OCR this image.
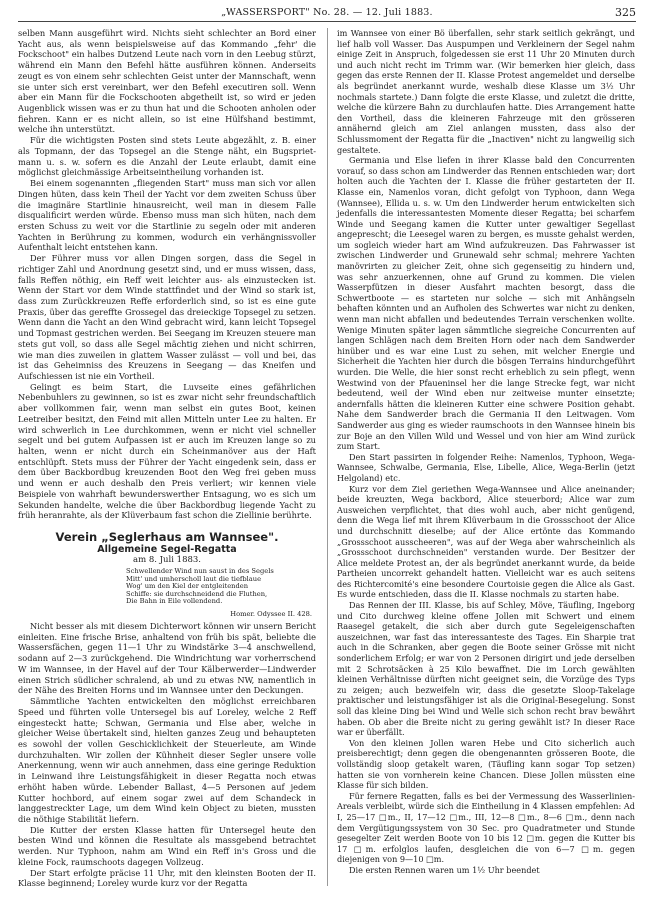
„WASSERSPORT" No. 28. — 12. Juli 1883.	325

selben Mann ausgeführt wird. Nichts sieht schlechter an Bord einer Yacht aus, als wenn beispielsweise auf das Kommando „fehr' die Fockschoot" ein halbes Dutzend Leute nach vorn in den Leebug stürzt, während ein Mann den Befehl hätte ausführen können. Anderseits zeugt es von einem sehr schlechten Geist unter der Mannschaft, wenn sie unter sich erst vereinbart, wer den Befehl executiren soll. Wenn aber ein Mann für die Fockschooten abgetheilt ist, so wird er jeden Augenblick wissen was er zu thun hat und die Schooten anholen oder fiehren. Kann er es nicht allein, so ist eine Hülfshand bestimmt, welche ihn unterstützt.

Für die wichtigsten Posten sind stets Leute abgezählt, z. B. einer als Topmann, der das Topsegel an die Stenge näht, ein Bugspriet-mann u. s. w. sofern es die Anzahl der Leute erlaubt, damit eine möglichst gleichmässige Arbeitseintheilung vorhanden ist.

Bei einem sogenannten „fliegenden Start" muss man sich vor allen Dingen hüten, dass kein Theil der Yacht vor dem zweiten Schuss über die imaginäre Startlinie hinausreicht, weil man in diesem Falle disqualificirt werden würde. Ebenso muss man sich hüten, nach dem ersten Schuss zu weit vor die Startlinie zu segeln oder mit anderen Yachten in Berührung zu kommen, wodurch ein verhängnissvoller Aufenthalt leicht entstehen kann.

Der Führer muss vor allen Dingen sorgen, dass die Segel in richtiger Zahl und Anordnung gesetzt sind, und er muss wissen, dass, falls Reffen nöthig, ein Reff weit leichter aus- als einzustecken ist. Wenn der Start vor dem Winde stattfindet und der Wind so stark ist, dass zum Zurückkreuzen Reffe erforderlich sind, so ist es eine gute Praxis, über das gereffte Grossegel das dreieckige Topsegel zu setzen. Wenn dann die Yacht an den Wind gebracht wird, kann leicht Topsegel und Topmast gestrichen werden. Bei Seegang im Kreuzen steuere man stets gut voll, so dass alle Segel mächtig ziehen und nicht schirren, wie man dies zuweilen in glattem Wasser zulässt — voll und bei, das ist das Geheimniss des Kreuzens in Seegang — das Kneifen und Aufschiessen ist nie ein Vortheil.

Gelingt es beim Start, die Luvseite eines gefährlichen Nebenbuhlers zu gewinnen, so ist es zwar nicht sehr freundschaftlich aber vollkommen fair, wenn man selbst ein gutes Boot, keinen Leetreiber besitzt, den Feind mit allen Mitteln unter Lee zu halten. Er wird schwerlich in Lee durchkommen, wenn er nicht viel schneller segelt und bei gutem Aufpassen ist er auch im Kreuzen lange so zu halten, wenn er nicht durch ein Scheinmanöver aus der Haft entschlüpft. Stets muss der Führer der Yacht eingedenk sein, dass er dem über Backbordbug kreuzenden Boot den Weg frei geben muss und wenn er auch deshalb den Preis verliert; wir kennen viele Beispiele von wahrhaft bewunderswerther Entsagung, wo es sich um Sekunden handelte, welche die über Backbordbug liegende Yacht zu früh heranrahte, als der Klüverbaum fast schon die Ziellinie berührte.

Verein „Seglerhaus am Wannsee".
Allgemeine Segel-Regatta
am 8. Juli 1883.
Schwellender Wind nun saust in des Segels
Mitt' und umherscholl laut die tiefblaue
Wog' um den Kiel der entgleitenden
Schiffe: sie durchschneidend die Fluthen,
Die Bahn in Eile vollendend.
Homer. Odyssee II. 428.

Nicht besser als mit diesem Dichterwort können wir unsern Bericht einleiten. Eine frische Brise, anhaltend von früh bis spät, beliebte die Wassersfächen, gegen 11—1 Uhr zu Windstärke 3—4 anschwellend, sodann auf 2—3 zurückgehend. Die Windrichtung war vorherrschend W im Wannsee, in der Havel auf der Tour Kälberwerder—Lindwerder einen Strich südlicher schralend, ab und zu etwas NW, namentlich in der Nähe des Breiten Horns und im Wannsee unter den Deckungen.

Sämmtliche Yachten entwickelten den möglichst erreichbaren Speed und führten volle Untersegel bis auf Loreley, welche 2 Reff eingesteckt hatte; Schwan, Germania und Else aber, welche in gleicher Weise übertakelt sind, hielten ganzes Zeug und behaupteten es sowohl der vollen Geschicklichkeit der Steuerleute, am Winde durchzuhalten. Wir zollen der Kühnheit dieser Segler unsere volle Anerkennung, wenn wir auch annehmen, dass eine geringe Reduktion in Leinwand ihre Leistungsfähigkeit in dieser Regatta noch etwas erhöht haben würde. Lebender Ballast, 4—5 Personen auf jedem Kutter hochbord, auf einem sogar zwei auf dem Schandeck in langgestreckter Lage, um dem Wind kein Object zu bieten, mussten die nöthige Stabilität liefern.

Die Kutter der ersten Klasse hatten für Untersegel heute den besten Wind und können die Resultate als massgebend betrachtet werden. Nur Typhoon, nahm am Wind ein Reff in's Gross und die kleine Fock, raumschoots dagegen Vollzeug.

Der Start erfolgte präcise 11 Uhr, mit den kleinsten Booten der II. Klasse beginnend; Loreley wurde kurz vor der Regatta

im Wannsee von einer Bö überfallen, sehr stark seitlich gekrängt, und lief halb voll Wasser. Das Auspumpen und Verkleinern der Segel nahm einige Zeit in Anspruch, folgedessen sie erst 11 Uhr 20 Minuten durch und auch nicht recht im Trimm war. (Wir bemerken hier gleich, dass gegen das erste Rennen der II. Klasse Protest angemeldet und derselbe als begründet anerkannt wurde, weshalb diese Klasse um 3½ Uhr nochmals startete.) Dann folgte die erste Klasse, und zuletzt die dritte, welche die kürzere Bahn zu durchlaufen hatte. Dies Arrangement hatte den Vortheil, dass die kleineren Fahrzeuge mit den grösseren annähernd gleich am Ziel anlangen mussten, dass also der Schlussmoment der Regatta für die „Inactiven" nicht zu langweilig sich gestaltete.

Germania und Else liefen in ihrer Klasse bald den Concurrenten vorauf, so dass schon am Lindwerder das Rennen entschieden war; dort holten auch die Yachten der I. Klasse die früher gestarteten der II. Klasse ein, Namenlos voran, dicht gefolgt von Typhoon, dann Wega (Wannsee), Ellida u. s. w. Um den Lindwerder herum entwickelten sich jedenfalls die interessantesten Momente dieser Regatta; bei scharfem Winde und Seegang kamen die Kutter unter gewaltiger Segellast angeprescht; die Leesegel waren zu bergen, es musste gehalst werden, um sogleich wieder hart am Wind aufzukreuzen. Das Fahrwasser ist zwischen Lindwerder und Grunewald sehr schmal; mehrere Yachten manövrirten zu gleicher Zeit, ohne sich gegenseitig zu hindern und, was sehr anzuerkennen, ohne auf Grund zu kommen. Die vielen Wasserpfützen in dieser Ausfahrt machten besorgt, dass die Schwertboote — es starteten nur solche — sich mit Anhängseln behaften könnten und an Aufholen des Schwertes war nicht zu denken, wenn man nicht abfallen und bedeutendes Terrain verschenken wollte. Wenige Minuten später lagen sämmtliche siegreiche Concurrenten auf langen Schlägen nach dem Breiten Horn oder nach dem Sandwerder hinüber und es war eine Lust zu sehen, mit welcher Energie und Sicherheit die Yachten hier durch die bösgen Terrains hindurchgeführt wurden. Die Welle, die hier sonst recht erheblich zu sein pflegt, wenn Westwind von der Pfaueninsel her die lange Strecke fegt, war nicht bedeutend, weil der Wind eben nur zeitweise munter einsetzte; andernfalls hätten die kleineren Kutter eine schwere Position gehabt. Nahe dem Sandwerder brach die Germania II den Leitwagen. Vom Sandwerder aus ging es wieder raumschoots in den Wannsee hinein bis zur Boje an den Villen Wild und Wessel und von hier am Wind zurück zum Start.

Den Start passirten in folgender Reihe: Namenlos, Typhoon, Wega-Wannsee, Schwalbe, Germania, Else, Libelle, Alice, Wega-Berlin (jetzt Helgoland) etc.

Kurz vor dem Ziel geriethen Wega-Wannsee und Alice aneinander; beide kreuzten, Wega backbord, Alice steuerbord; Alice war zum Ausweichen verpflichtet, that dies wohl auch, aber nicht genügend, denn die Wega lief mit ihrem Klüverbaum in die Grossschoot der Alice und durchschnitt dieselbe; auf der Alice ertönte das Kommando „Grossschoot ausscheeren", was auf der Wega aber wahrscheinlich als „Grossschoot durchschneiden" verstanden wurde. Der Besitzer der Alice meldete Protest an, der als begründet anerkannt wurde, da beide Partheien uncorrekt gehandelt hatten. Vielleicht war es auch seitens des Richtercomité's eine besondere Courtoisie gegen die Alice als Gast. Es wurde entschieden, dass die II. Klasse nochmals zu starten habe.

Das Rennen der III. Klasse, bis auf Schley, Möve, Täufling, Ingeborg und Cito durchweg kleine offene Jollen mit Schwert und einem Raasegel getakelt, die sich aber durch gute Segeleigenschaften auszeichnen, war fast das interessanteste des Tages. Ein Sharpie trat auch in die Schranken, aber gegen die Boote seiner Grösse mit nicht sonderlichem Erfolg; er war von 2 Personen dirigirt und jede derselben mit 2 Schrotsäcken à 25 Kilo bewaffnet. Die im Lorch gewählten kleinen Verhältnisse dürften nicht geeignet sein, die Vorzüge des Typs zu zeigen; auch bezweifeln wir, dass die gesetzte Sloop-Takelage praktischer und leistungsfähiger ist als die Original-Besegelung. Sonst soll das kleine Ding bei Wind und Welle sich schon recht brav bewährt haben. Ob aber die Breite nicht zu gering gewählt ist? In dieser Race war er überfällt.

Von den kleinen Jollen waren Hebe und Cito sicherlich auch preisberechtigt; denn gegen die obengenannten grösseren Boote, die vollständig sloop getakelt waren, (Täufling kann sogar Top setzen) hatten sie von vornherein keine Chancen. Diese Jollen müssten eine Klasse für sich bilden.

Für fernere Regatten, falls es bei der Vermessung des Wasserlinien-Areals verbleibt, würde sich die Eintheilung in 4 Klassen empfehlen: Ad I, 25—17 □m., II, 17—12 □m., III, 12—8 □m., 8—6 □m., denn nach dem Vergütigungssystem von 30 Sec. pro Quadratmeter und Stunde gesegelter Zeit werden Boote von 10 bis 12 □m. gegen die Kutter bis 17 □m. erfolglos laufen, desgleichen die von 6—7 □m. gegen diejenigen von 9—10 □m.

Die ersten Rennen waren um 1½ Uhr beendet
